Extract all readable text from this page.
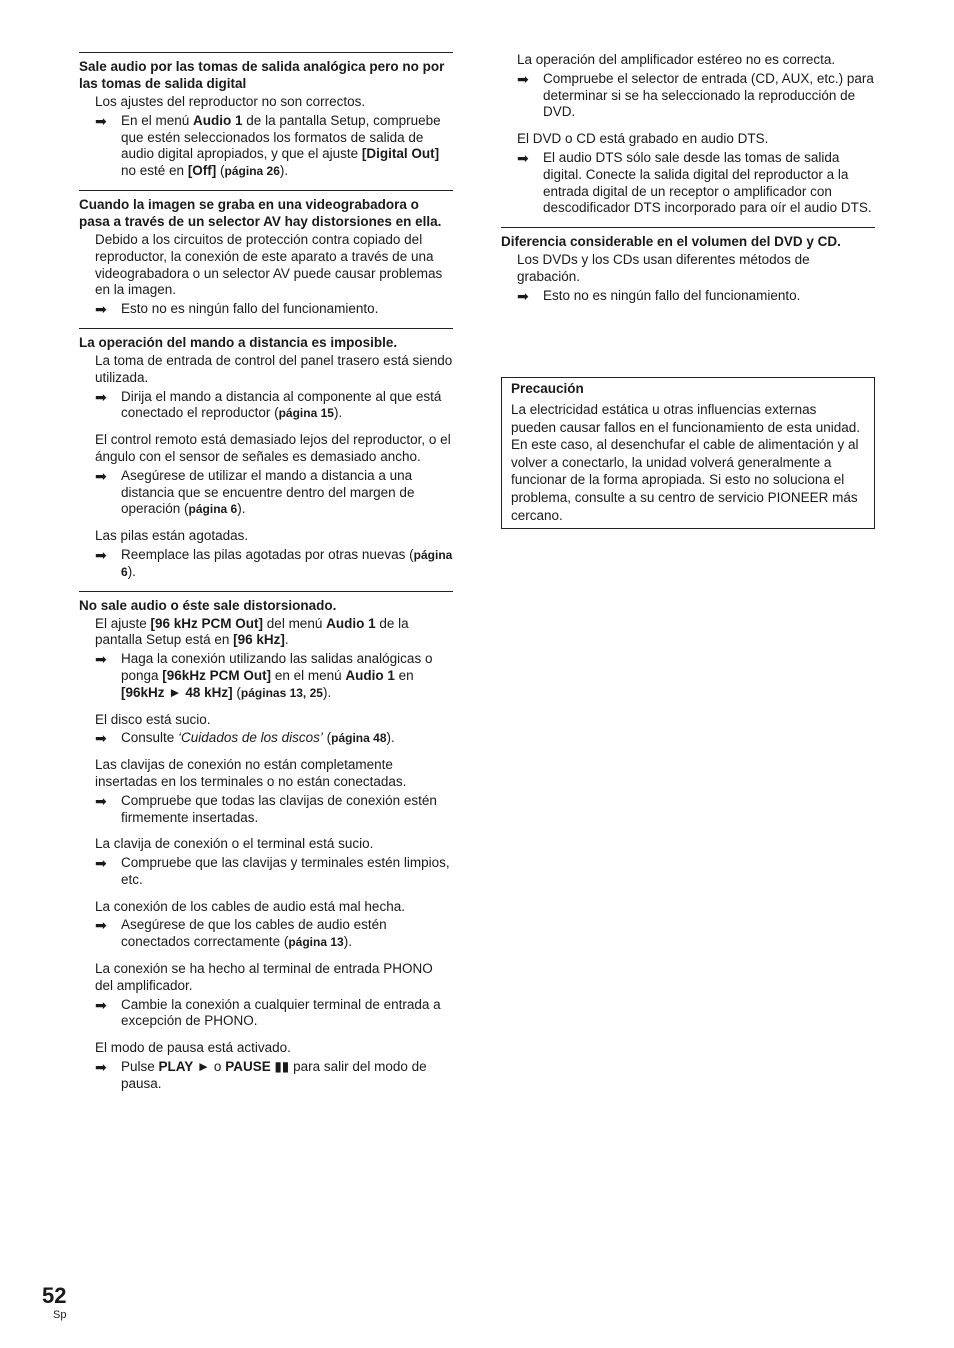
Sale audio por las tomas de salida analógica pero no por las tomas de salida digital
Los ajustes del reproductor no son correctos.
➡ En el menú Audio 1 de la pantalla Setup, compruebe que estén seleccionados los formatos de salida de audio digital apropiados, y que el ajuste [Digital Out] no esté en [Off] (página 26).
Cuando la imagen se graba en una videograbadora o pasa a través de un selector AV hay distorsiones en ella.
Debido a los circuitos de protección contra copiado del reproductor, la conexión de este aparato a través de una videograbadora o un selector AV puede causar problemas en la imagen.
➡ Esto no es ningún fallo del funcionamiento.
La operación del mando a distancia es imposible.
La toma de entrada de control del panel trasero está siendo utilizada.
➡ Dirija el mando a distancia al componente al que está conectado el reproductor (página 15).
El control remoto está demasiado lejos del reproductor, o el ángulo con el sensor de señales es demasiado ancho.
➡ Asegúrese de utilizar el mando a distancia a una distancia que se encuentre dentro del margen de operación (página 6).
Las pilas están agotadas.
➡ Reemplace las pilas agotadas por otras nuevas (página 6).
No sale audio o éste sale distorsionado.
El ajuste [96 kHz PCM Out] del menú Audio 1 de la pantalla Setup está en [96 kHz].
➡ Haga la conexión utilizando las salidas analógicas o ponga [96kHz PCM Out] en el menú Audio 1 en [96kHz ► 48 kHz] (páginas 13, 25).
El disco está sucio.
➡ Consulte ‘Cuidados de los discos’ (página 48).
Las clavijas de conexión no están completamente insertadas en los terminales o no están conectadas.
➡ Compruebe que todas las clavijas de conexión estén firmemente insertadas.
La clavija de conexión o el terminal está sucio.
➡ Compruebe que las clavijas y terminales estén limpios, etc.
La conexión de los cables de audio está mal hecha.
➡ Asegúrese de que los cables de audio estén conectados correctamente (página 13).
La conexión se ha hecho al terminal de entrada PHONO del amplificador.
➡ Cambie la conexión a cualquier terminal de entrada a excepción de PHONO.
El modo de pausa está activado.
➡ Pulse PLAY ► o PAUSE ▮▮ para salir del modo de pausa.
La operación del amplificador estéreo no es correcta.
➡ Compruebe el selector de entrada (CD, AUX, etc.) para determinar si se ha seleccionado la reproducción de DVD.
El DVD o CD está grabado en audio DTS.
➡ El audio DTS sólo sale desde las tomas de salida digital. Conecte la salida digital del reproductor a la entrada digital de un receptor o amplificador con descodificador DTS incorporado para oír el audio DTS.
Diferencia considerable en el volumen del DVD y CD.
Los DVDs y los CDs usan diferentes métodos de grabación.
➡ Esto no es ningún fallo del funcionamiento.
Precaución
La electricidad estática u otras influencias externas pueden causar fallos en el funcionamiento de esta unidad. En este caso, al desenchufar el cable de alimentación y al volver a conectarlo, la unidad volverá generalmente a funcionar de la forma apropiada. Si esto no soluciona el problema, consulte a su centro de servicio PIONEER más cercano.
52
Sp
